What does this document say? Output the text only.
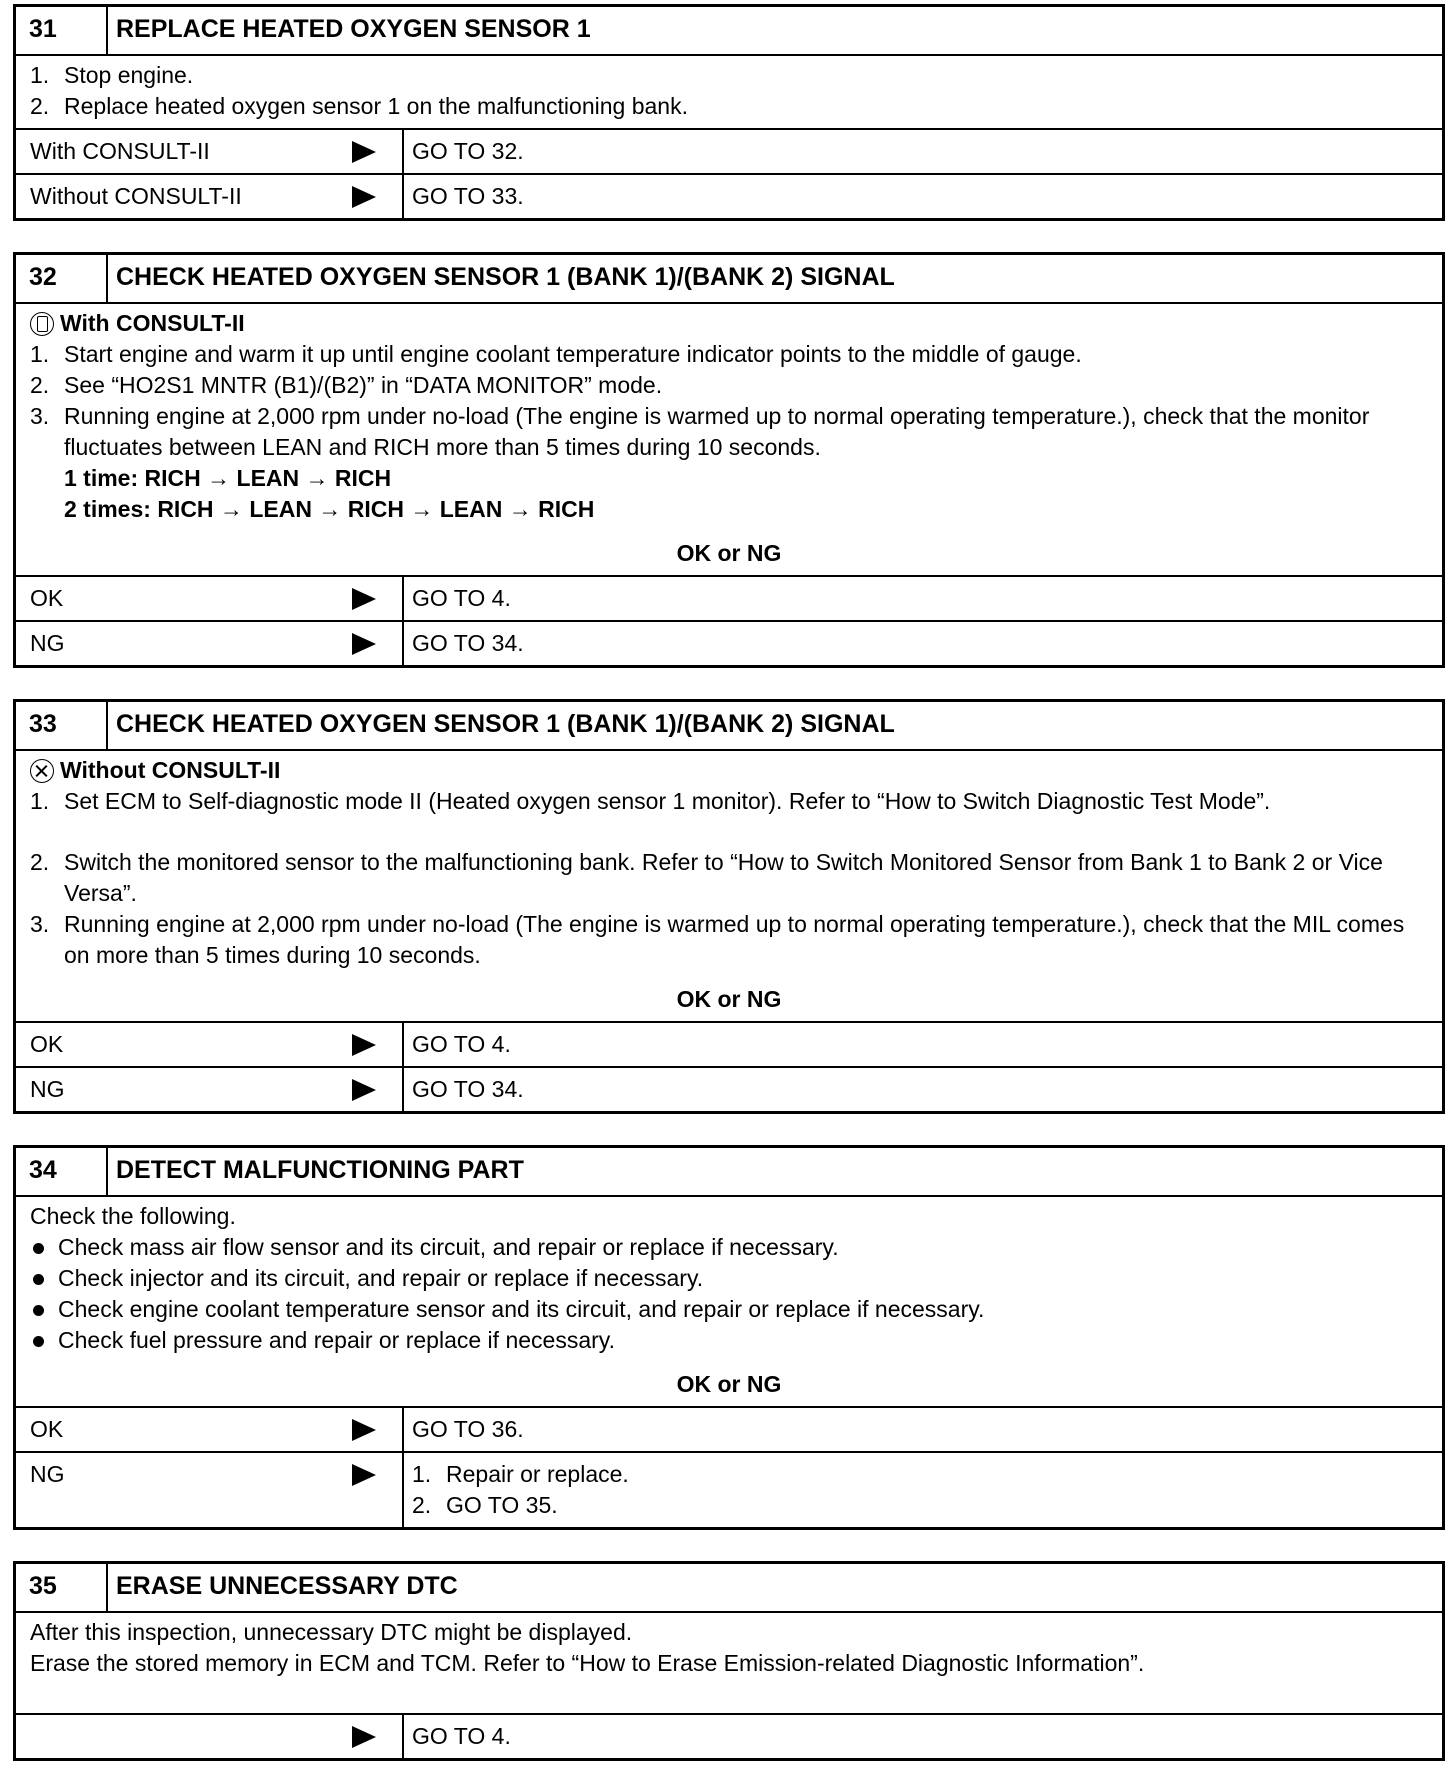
31	REPLACE HEATED OXYGEN SENSOR 1
1. Stop engine.
2. Replace heated oxygen sensor 1 on the malfunctioning bank.
With CONSULT-II	GO TO 32.
Without CONSULT-II	GO TO 33.
32	CHECK HEATED OXYGEN SENSOR 1 (BANK 1)/(BANK 2) SIGNAL
With CONSULT-II
1. Start engine and warm it up until engine coolant temperature indicator points to the middle of gauge.
2. See “HO2S1 MNTR (B1)/(B2)” in “DATA MONITOR” mode.
3. Running engine at 2,000 rpm under no-load (The engine is warmed up to normal operating temperature.), check that the monitor fluctuates between LEAN and RICH more than 5 times during 10 seconds.
1 time: RICH → LEAN → RICH
2 times: RICH → LEAN → RICH → LEAN → RICH
OK or NG
OK	GO TO 4.
NG	GO TO 34.
33	CHECK HEATED OXYGEN SENSOR 1 (BANK 1)/(BANK 2) SIGNAL
Without CONSULT-II
1. Set ECM to Self-diagnostic mode II (Heated oxygen sensor 1 monitor). Refer to “How to Switch Diagnostic Test Mode”.
2. Switch the monitored sensor to the malfunctioning bank. Refer to “How to Switch Monitored Sensor from Bank 1 to Bank 2 or Vice Versa”.
3. Running engine at 2,000 rpm under no-load (The engine is warmed up to normal operating temperature.), check that the MIL comes on more than 5 times during 10 seconds.
OK or NG
OK	GO TO 4.
NG	GO TO 34.
34	DETECT MALFUNCTIONING PART
Check the following.
Check mass air flow sensor and its circuit, and repair or replace if necessary.
Check injector and its circuit, and repair or replace if necessary.
Check engine coolant temperature sensor and its circuit, and repair or replace if necessary.
Check fuel pressure and repair or replace if necessary.
OK or NG
OK	GO TO 36.
NG	1. Repair or replace.
2. GO TO 35.
35	ERASE UNNECESSARY DTC
After this inspection, unnecessary DTC might be displayed.
Erase the stored memory in ECM and TCM. Refer to “How to Erase Emission-related Diagnostic Information”.
GO TO 4.
